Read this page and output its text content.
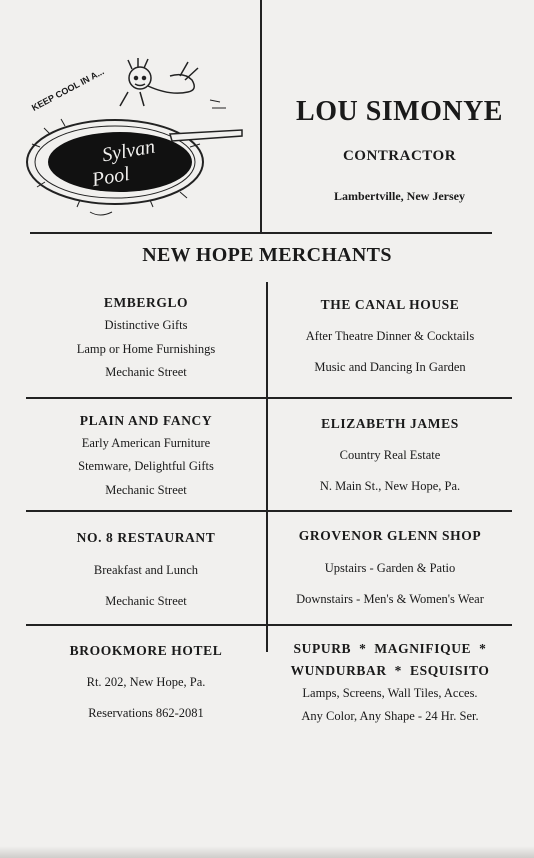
KEEP COOL IN A...
Sylvan
Pool
LOU SIMONYE
CONTRACTOR
Lambertville, New Jersey
NEW HOPE MERCHANTS
EMBERGLO
Distinctive Gifts
Lamp or Home Furnishings
Mechanic Street
THE CANAL HOUSE
After Theatre Dinner & Cocktails
Music and Dancing In Garden
PLAIN AND FANCY
Early American Furniture
Stemware, Delightful Gifts
Mechanic Street
ELIZABETH JAMES
Country Real Estate
N. Main St., New Hope, Pa.
NO. 8 RESTAURANT
Breakfast and Lunch
Mechanic Street
GROVENOR GLENN SHOP
Upstairs - Garden & Patio
Downstairs - Men's & Women's Wear
BROOKMORE HOTEL
Rt. 202, New Hope, Pa.
Reservations 862-2081
SUPURB  *  MAGNIFIQUE  *
WUNDURBAR  *  ESQUISITO
Lamps, Screens, Wall Tiles, Acces.
Any Color, Any Shape - 24 Hr. Ser.
